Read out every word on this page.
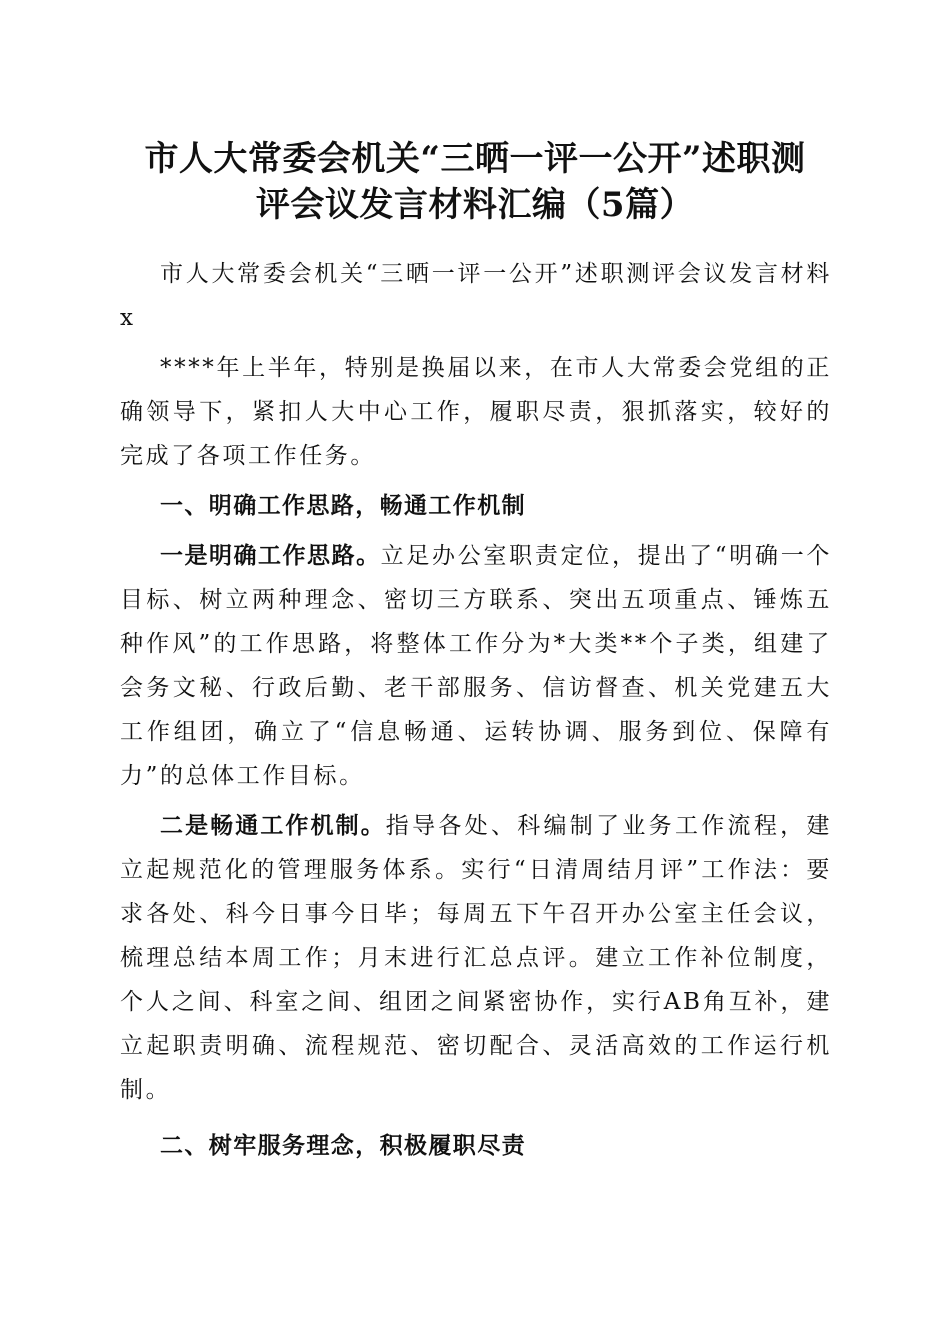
市人大常委会机关“三晒一评一公开”述职测
评会议发言材料汇编（5篇）

市人大常委会机关“三晒一评一公开”述职测评会议发言材料x

****年上半年，特别是换届以来，在市人大常委会党组的正确领导下，紧扣人大中心工作，履职尽责，狠抓落实，较好的完成了各项工作任务。

一、明确工作思路，畅通工作机制

一是明确工作思路。立足办公室职责定位，提出了“明确一个目标、树立两种理念、密切三方联系、突出五项重点、锤炼五种作风”的工作思路，将整体工作分为*大类**个子类，组建了会务文秘、行政后勤、老干部服务、信访督查、机关党建五大工作组团，确立了“信息畅通、运转协调、服务到位、保障有力”的总体工作目标。

二是畅通工作机制。指导各处、科编制了业务工作流程，建立起规范化的管理服务体系。实行“日清周结月评”工作法：要求各处、科今日事今日毕；每周五下午召开办公室主任会议，梳理总结本周工作；月末进行汇总点评。建立工作补位制度，个人之间、科室之间、组团之间紧密协作，实行AB角互补，建立起职责明确、流程规范、密切配合、灵活高效的工作运行机制。

二、树牢服务理念，积极履职尽责
